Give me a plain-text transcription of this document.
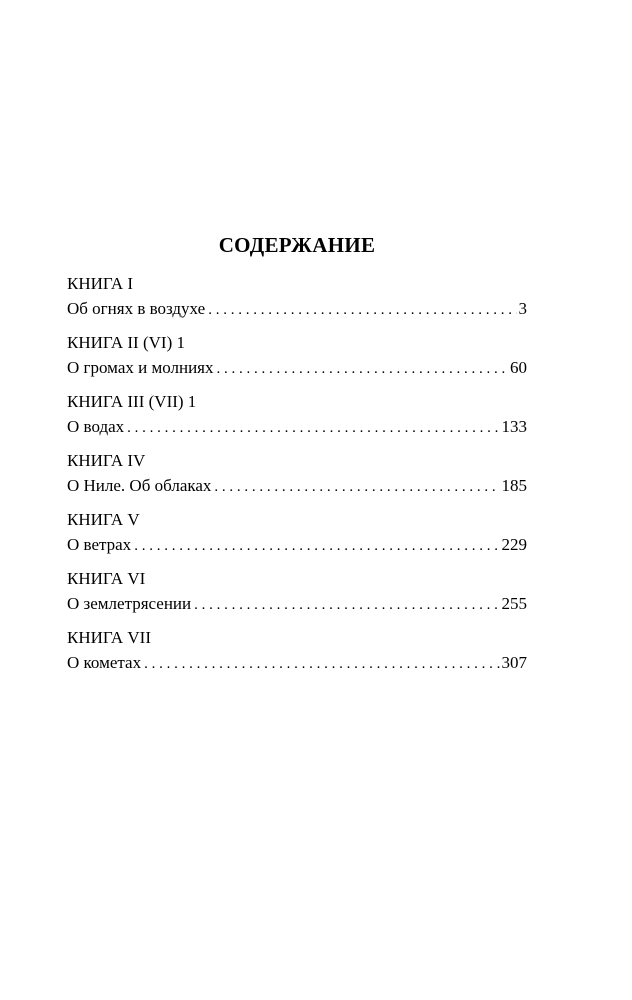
СОДЕРЖАНИЕ
КНИГА I
Об огнях в воздухе . . .	3
КНИГА II (VI) 1
О громах и молниях . . .	60
КНИГА III (VII) 1
О водах . . .	133
КНИГА IV
О Ниле. Об облаках . . .	185
КНИГА V
О ветрах . . .	229
КНИГА VI
О землетрясении . . .	255
КНИГА VII
О кометах . . .	307
